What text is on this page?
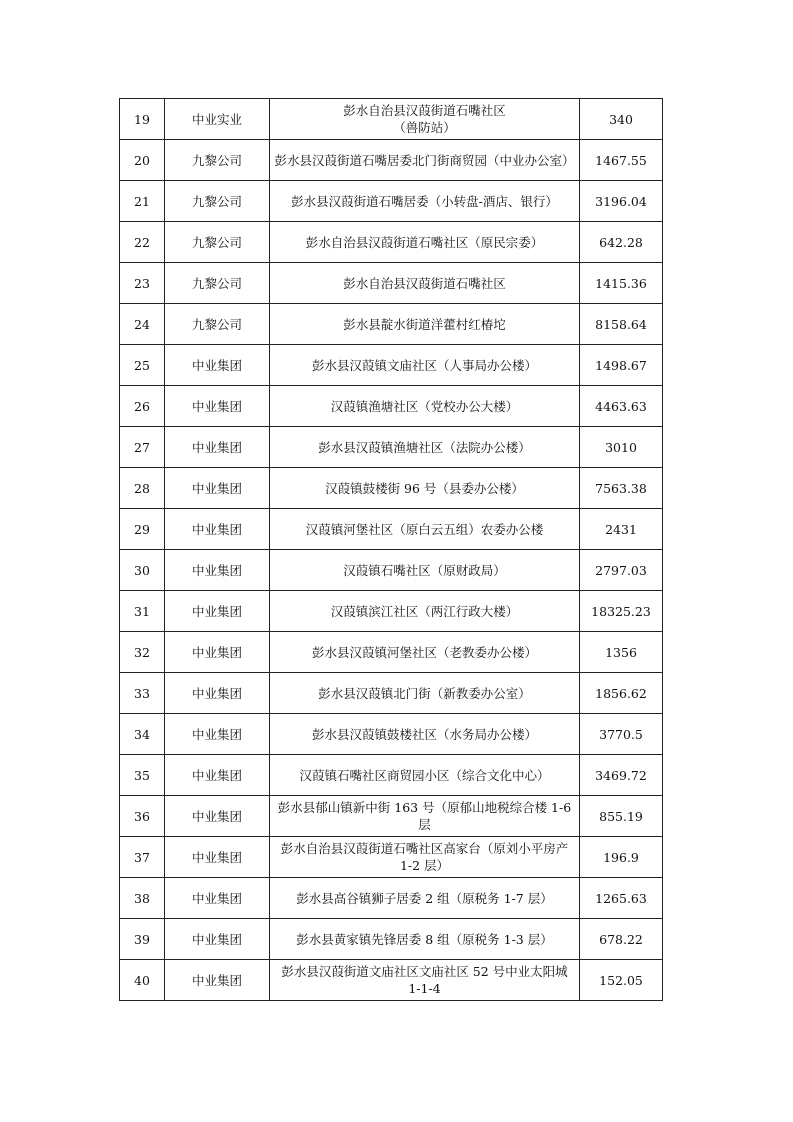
19	中业实业	彭水自治县汉葭街道石嘴社区
（兽防站）	340
20	九黎公司	彭水县汉葭街道石嘴居委北门街商贸园（中业办公室）	1467.55
21	九黎公司	彭水县汉葭街道石嘴居委（小转盘-酒店、银行）	3196.04
22	九黎公司	彭水自治县汉葭街道石嘴社区（原民宗委）	642.28
23	九黎公司	彭水自治县汉葭街道石嘴社区	1415.36
24	九黎公司	彭水县靛水街道洋藿村红椿坨	8158.64
25	中业集团	彭水县汉葭镇文庙社区（人事局办公楼）	1498.67
26	中业集团	汉葭镇渔塘社区（党校办公大楼）	4463.63
27	中业集团	彭水县汉葭镇渔塘社区（法院办公楼）	3010
28	中业集团	汉葭镇鼓楼街 96 号（县委办公楼）	7563.38
29	中业集团	汉葭镇河堡社区（原白云五组）农委办公楼	2431
30	中业集团	汉葭镇石嘴社区（原财政局）	2797.03
31	中业集团	汉葭镇滨江社区（两江行政大楼）	18325.23
32	中业集团	彭水县汉葭镇河堡社区（老教委办公楼）	1356
33	中业集团	彭水县汉葭镇北门街（新教委办公室）	1856.62
34	中业集团	彭水县汉葭镇鼓楼社区（水务局办公楼）	3770.5
35	中业集团	汉葭镇石嘴社区商贸园小区（综合文化中心）	3469.72
36	中业集团	彭水县郁山镇新中街 163 号（原郁山地税综合楼 1-6
层	855.19
37	中业集团	彭水自治县汉葭街道石嘴社区高家台（原刘小平房产
1-2 层）	196.9
38	中业集团	彭水县高谷镇狮子居委 2 组（原税务 1-7 层）	1265.63
39	中业集团	彭水县黄家镇先锋居委 8 组（原税务 1-3 层）	678.22
40	中业集团	彭水县汉葭街道文庙社区文庙社区 52 号中业太阳城
1-1-4	152.05
